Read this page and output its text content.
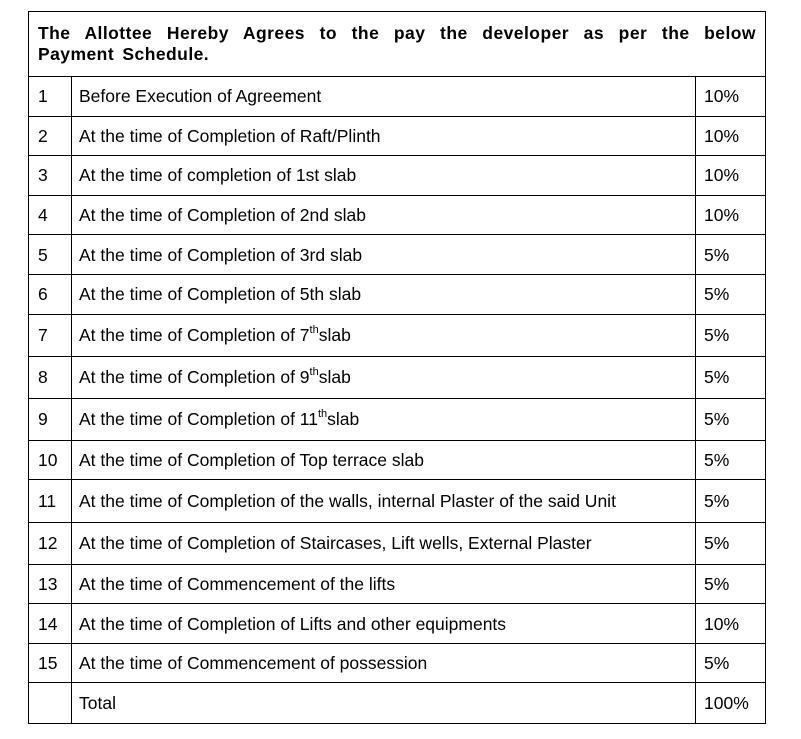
The Allottee Hereby Agrees to the pay the developer as per the below Payment Schedule.		
1	Before Execution of Agreement	10%
2	At the time of Completion of Raft/Plinth	10%
3	At the time of completion of 1st slab	10%
4	At the time of Completion of 2nd slab	10%
5	At the time of Completion of 3rd slab	5%
6	At the time of Completion of 5th slab	5%
7	At the time of Completion of 7thslab	5%
8	At the time of Completion of 9thslab	5%
9	At the time of Completion of 11thslab	5%
10	At the time of Completion of Top terrace slab	5%
11	At the time of Completion of the walls, internal Plaster of the said Unit	5%
12	At the time of Completion of Staircases, Lift wells, External Plaster	5%
13	At the time of Commencement of the lifts	5%
14	At the time of Completion of Lifts and other equipments	10%
15	At the time of Commencement of possession	5%
	Total	100%
